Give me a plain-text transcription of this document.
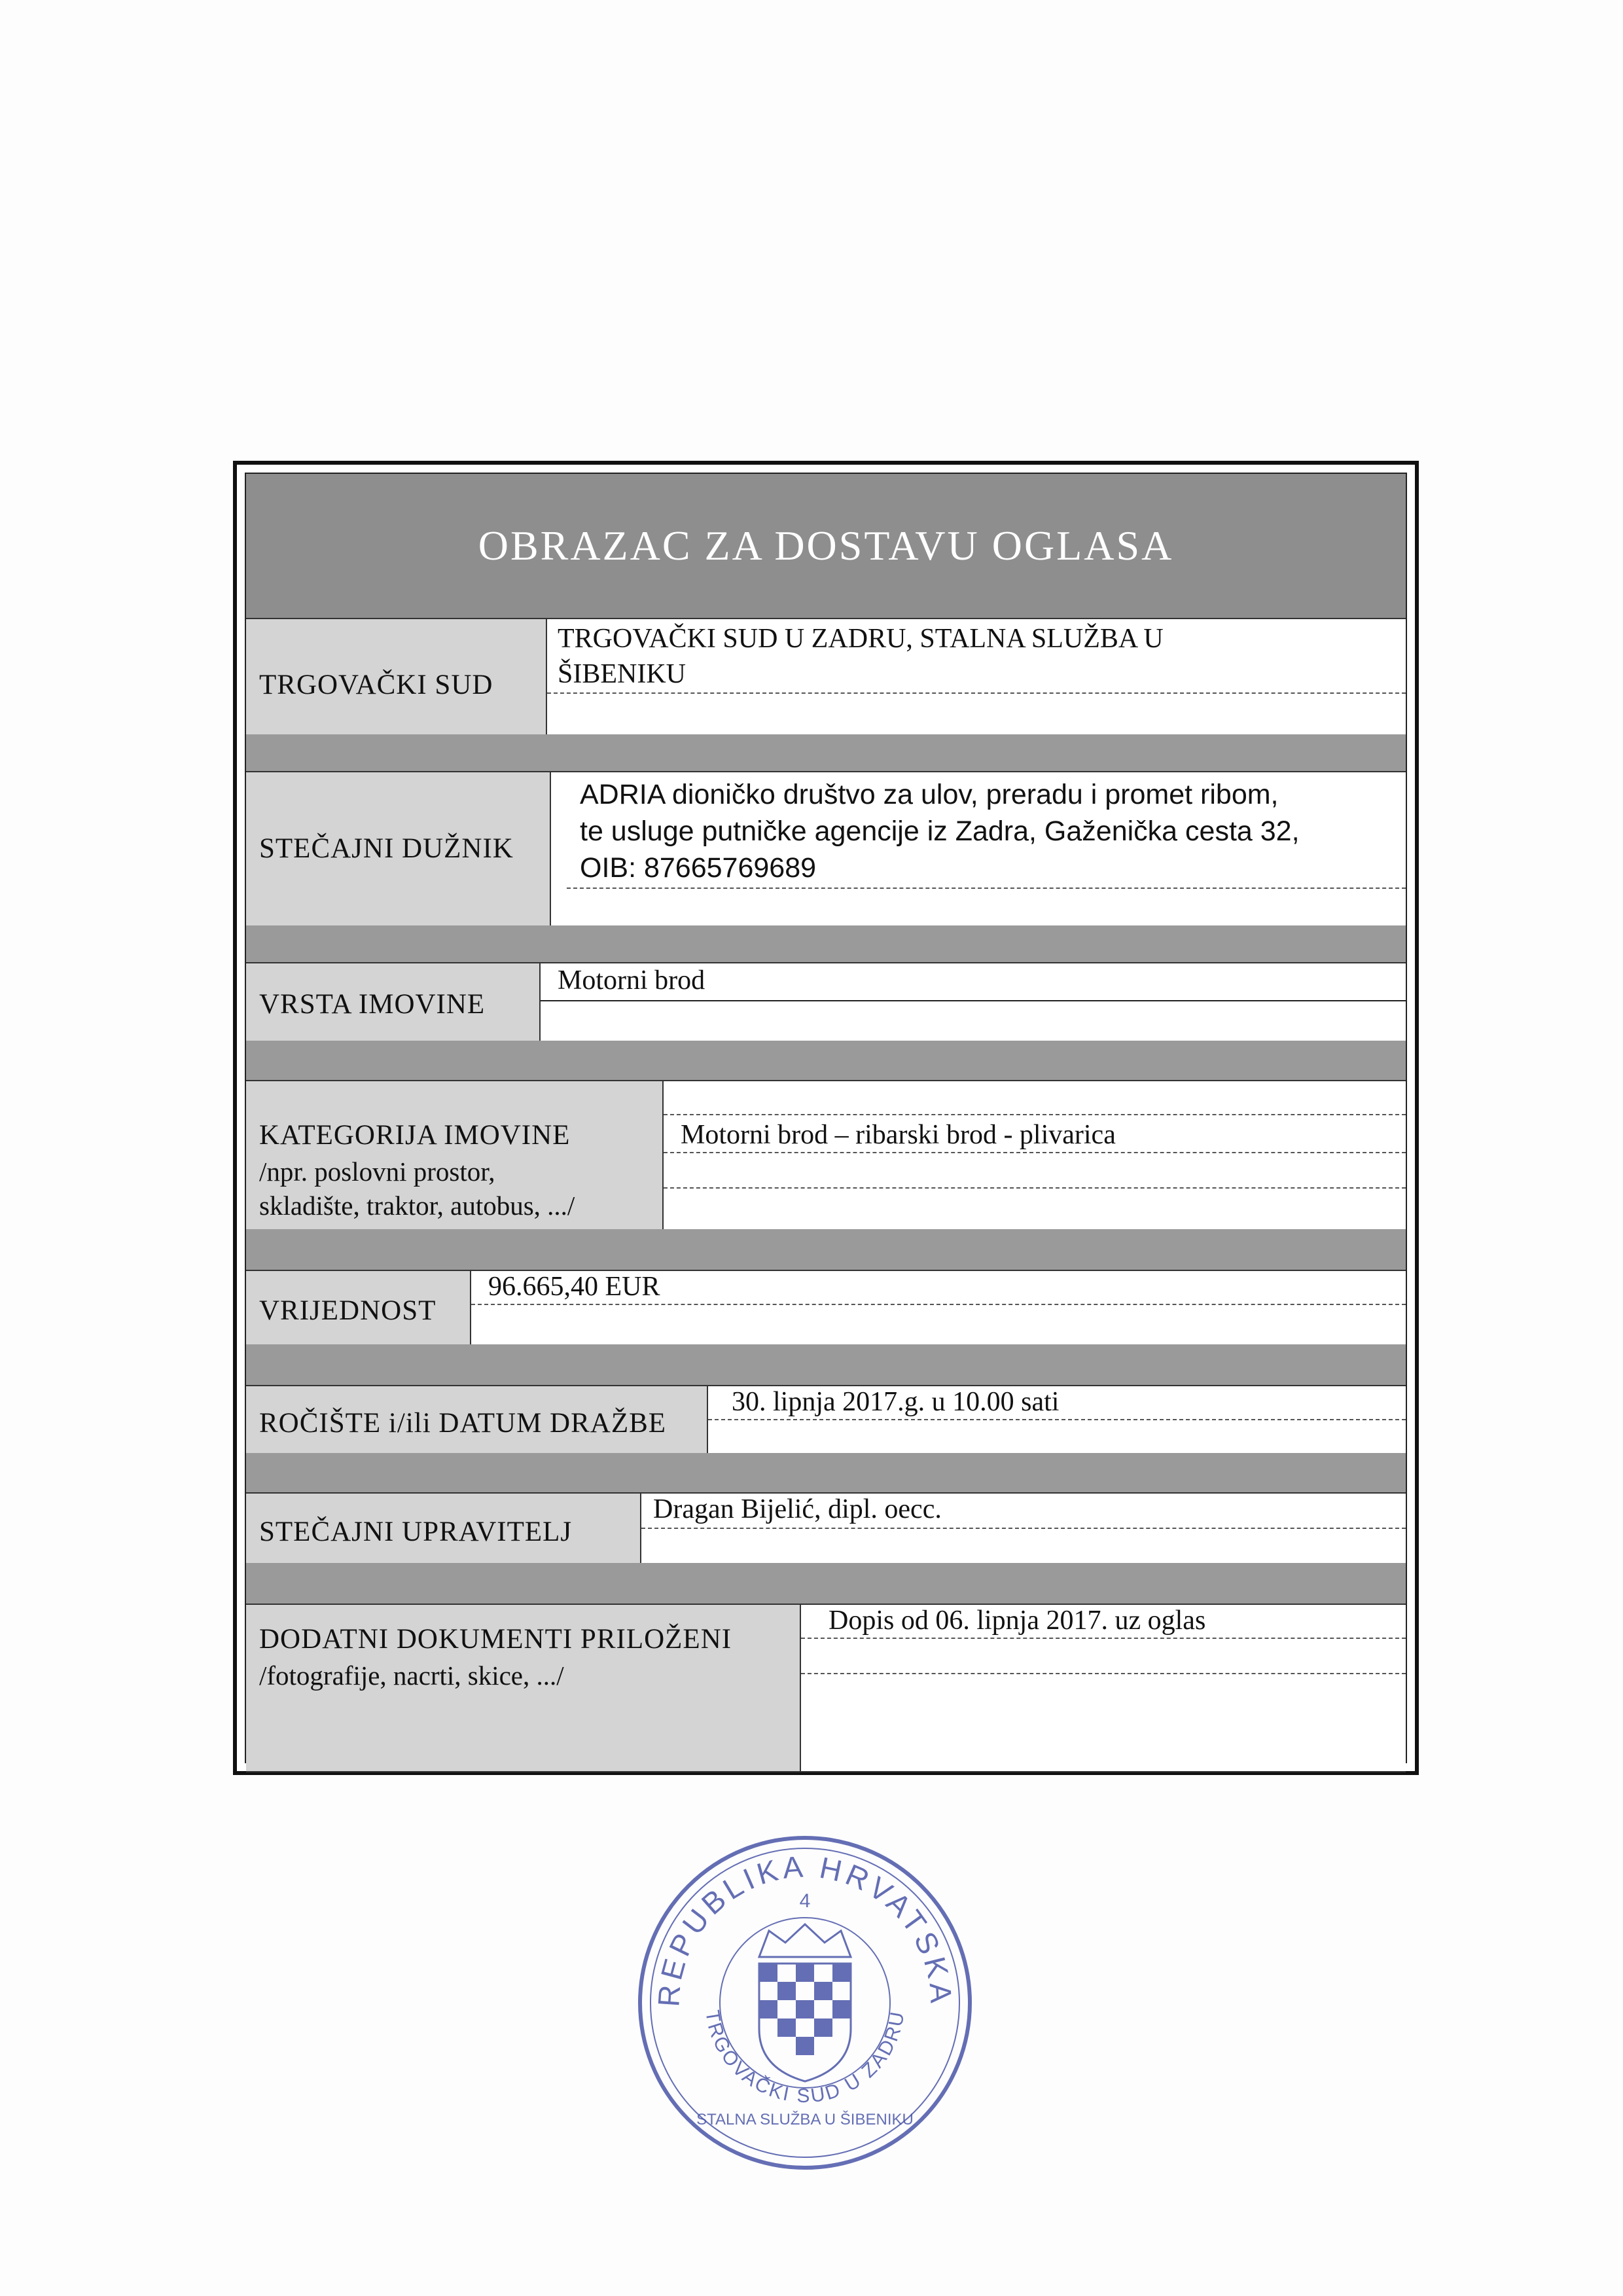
OBRAZAC ZA DOSTAVU OGLASA
TRGOVAČKI SUD
TRGOVAČKI SUD U ZADRU, STALNA SLUŽBA U
ŠIBENIKU
STEČAJNI DUŽNIK
ADRIA dioničko društvo za ulov, preradu i promet ribom,
te usluge putničke agencije iz Zadra, Gaženička cesta 32,
OIB: 87665769689
VRSTA IMOVINE
Motorni brod
KATEGORIJA IMOVINE
/npr. poslovni prostor,
skladište, traktor, autobus, .../
Motorni brod – ribarski brod - plivarica
VRIJEDNOST
96.665,40 EUR
ROČIŠTE i/ili DATUM DRAŽBE
30. lipnja 2017.g. u 10.00 sati
STEČAJNI UPRAVITELJ
Dragan Bijelić, dipl. oecc.
DODATNI DOKUMENTI PRILOŽENI
/fotografije, nacrti, skice, .../
Dopis od 06. lipnja 2017. uz oglas
REPUBLIKA HRVATSKA
TRGOVAČKI SUD U ZADRU
STALNA SLUŽBA U ŠIBENIKU
4
